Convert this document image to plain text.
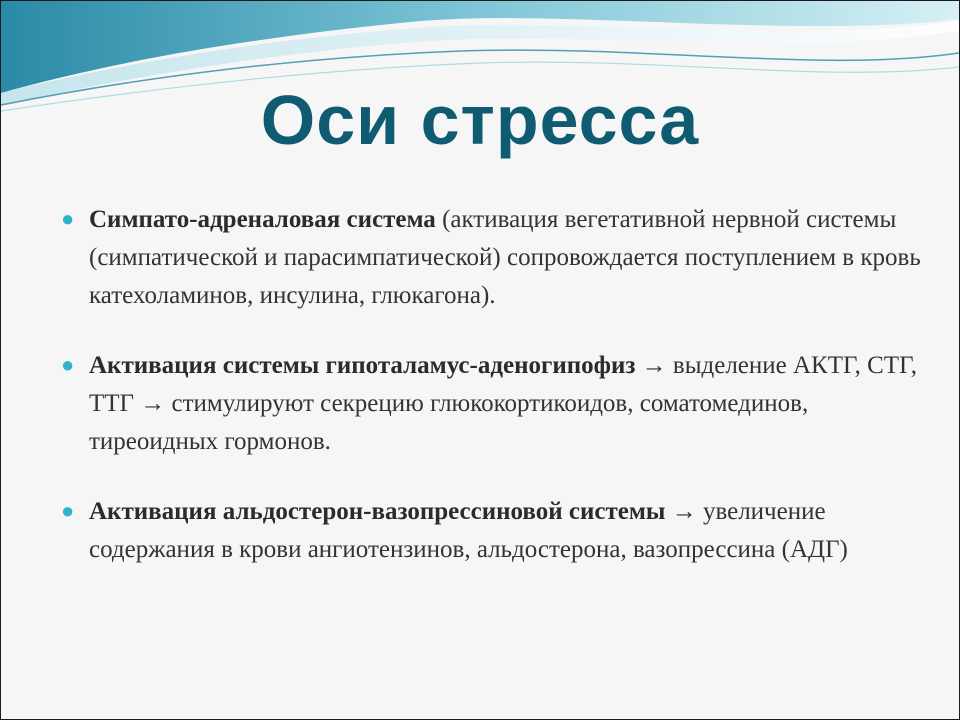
Оси стресса
● Симпато-адреналовая система (активация вегетативной нервной системы (симпатической и парасимпатической) сопровождается поступлением в кровь катехоламинов, инсулина, глюкагона).
● Активация системы гипоталамус-аденогипофиз → выделение АКТГ, СТГ, ТТГ → стимулируют секрецию глюкокортикоидов, соматомединов, тиреоидных гормонов.
● Активация альдостерон-вазопрессиновой системы → увеличение содержания в крови ангиотензинов, альдостерона, вазопрессина (АДГ)
